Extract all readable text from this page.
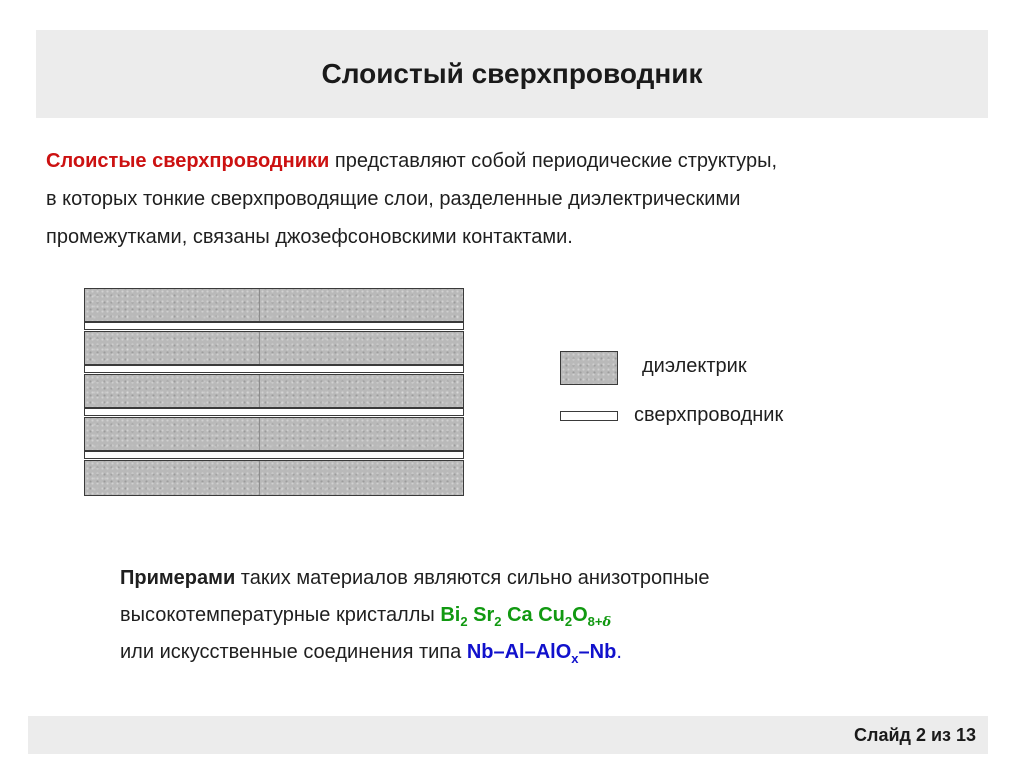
Слоистый сверхпроводник
Слоистые сверхпроводники представляют собой периодические структуры,
в которых тонкие сверхпроводящие слои, разделенные диэлектрическими
промежутками, связаны джозефсоновскими контактами.
диэлектрик
сверхпроводник
Примерами таких материалов являются сильно анизотропные
высокотемпературные кристаллы $Bi_2$ $Sr_2$ Ca $Cu_2O_{8+\delta}$
или искусственные соединения типа Nb–Al–AlO$_x$–Nb.
Слайд 2 из 13
